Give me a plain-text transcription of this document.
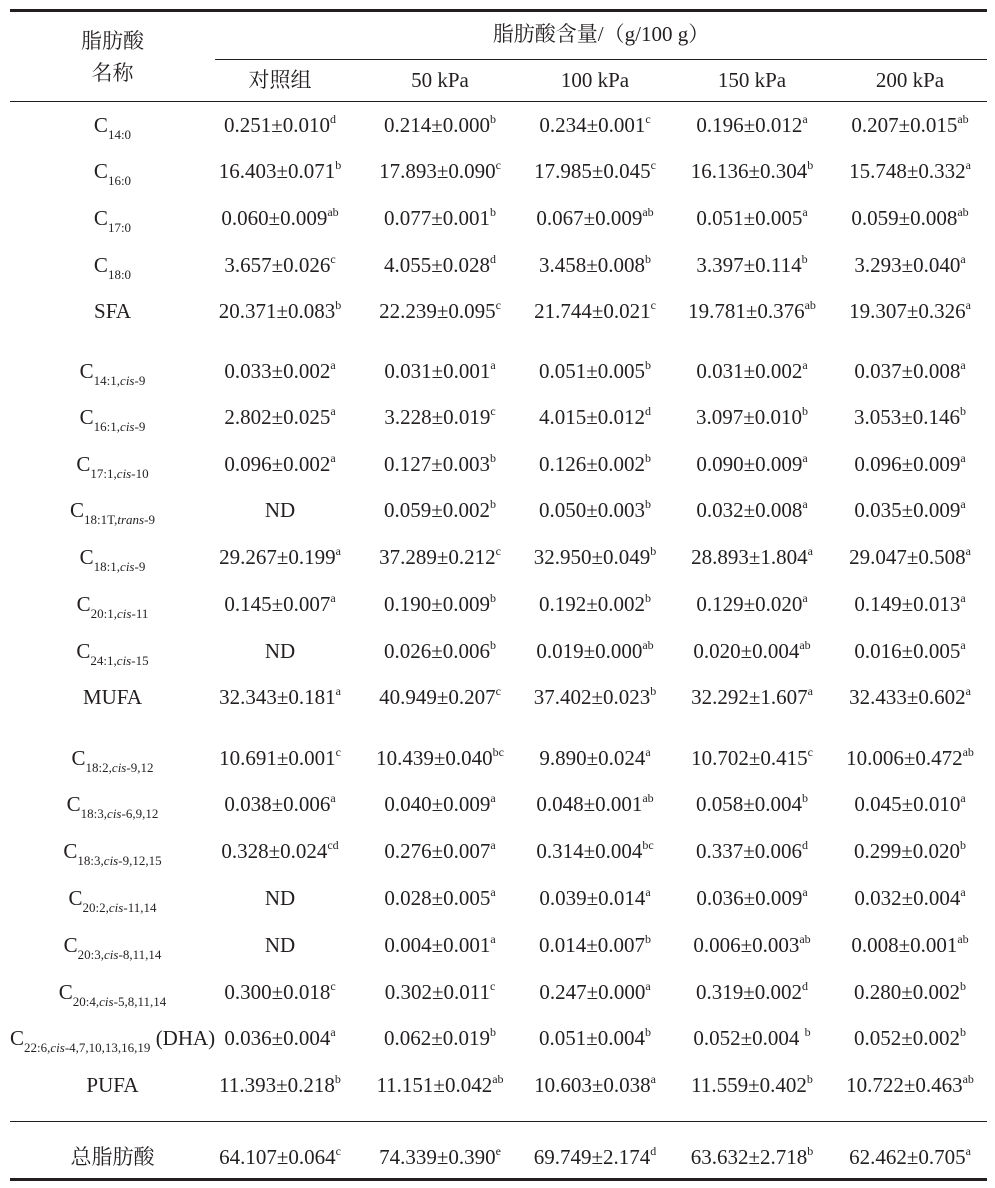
脂肪酸
名称
脂肪酸含量/（g/100 g）
对照组	50 kPa	100 kPa	150 kPa	200 kPa
$C_{14:0}$	0.251±0.010$^d$	0.214±0.000$^b$	0.234±0.001$^c$	0.196±0.012$^a$	0.207±0.015$^{ab}$
$C_{16:0}$	16.403±0.071$^b$	17.893±0.090$^c$	17.985±0.045$^c$	16.136±0.304$^b$	15.748±0.332$^a$
$C_{17:0}$	0.060±0.009$^{ab}$	0.077±0.001$^b$	0.067±0.009$^{ab}$	0.051±0.005$^a$	0.059±0.008$^{ab}$
$C_{18:0}$	3.657±0.026$^c$	4.055±0.028$^d$	3.458±0.008$^b$	3.397±0.114$^b$	3.293±0.040$^a$
SFA	20.371±0.083$^b$	22.239±0.095$^c$	21.744±0.021$^c$	19.781±0.376$^{ab}$	19.307±0.326$^a$
$C_{14:1,cis-9}$	0.033±0.002$^a$	0.031±0.001$^a$	0.051±0.005$^b$	0.031±0.002$^a$	0.037±0.008$^a$
$C_{16:1,cis-9}$	2.802±0.025$^a$	3.228±0.019$^c$	4.015±0.012$^d$	3.097±0.010$^b$	3.053±0.146$^b$
$C_{17:1,cis-10}$	0.096±0.002$^a$	0.127±0.003$^b$	0.126±0.002$^b$	0.090±0.009$^a$	0.096±0.009$^a$
$C_{18:1T,trans-9}$	ND	0.059±0.002$^b$	0.050±0.003$^b$	0.032±0.008$^a$	0.035±0.009$^a$
$C_{18:1,cis-9}$	29.267±0.199$^a$	37.289±0.212$^c$	32.950±0.049$^b$	28.893±1.804$^a$	29.047±0.508$^a$
$C_{20:1,cis-11}$	0.145±0.007$^a$	0.190±0.009$^b$	0.192±0.002$^b$	0.129±0.020$^a$	0.149±0.013$^a$
$C_{24:1,cis-15}$	ND	0.026±0.006$^b$	0.019±0.000$^{ab}$	0.020±0.004$^{ab}$	0.016±0.005$^a$
MUFA	32.343±0.181$^a$	40.949±0.207$^c$	37.402±0.023$^b$	32.292±1.607$^a$	32.433±0.602$^a$
$C_{18:2,cis-9,12}$	10.691±0.001$^c$	10.439±0.040$^{bc}$	9.890±0.024$^a$	10.702±0.415$^c$	10.006±0.472$^{ab}$
$C_{18:3,cis-6,9,12}$	0.038±0.006$^a$	0.040±0.009$^a$	0.048±0.001$^{ab}$	0.058±0.004$^b$	0.045±0.010$^a$
$C_{18:3,cis-9,12,15}$	0.328±0.024$^{cd}$	0.276±0.007$^a$	0.314±0.004$^{bc}$	0.337±0.006$^d$	0.299±0.020$^b$
$C_{20:2,cis-11,14}$	ND	0.028±0.005$^a$	0.039±0.014$^a$	0.036±0.009$^a$	0.032±0.004$^a$
$C_{20:3,cis-8,11,14}$	ND	0.004±0.001$^a$	0.014±0.007$^b$	0.006±0.003$^{ab}$	0.008±0.001$^{ab}$
$C_{20:4,cis-5,8,11,14}$	0.300±0.018$^c$	0.302±0.011$^c$	0.247±0.000$^a$	0.319±0.002$^d$	0.280±0.002$^b$
$C_{22:6,cis-4,7,10,13,16,19}$ (DHA) 0.036±0.004$^a$	0.062±0.019$^b$	0.051±0.004$^b$	0.052±0.004 $^b$	0.052±0.002$^b$
PUFA	11.393±0.218$^b$	11.151±0.042$^{ab}$	10.603±0.038$^a$	11.559±0.402$^b$	10.722±0.463$^{ab}$
总脂肪酸	64.107±0.064$^c$	74.339±0.390$^e$	69.749±2.174$^d$	63.632±2.718$^b$	62.462±0.705$^a$
